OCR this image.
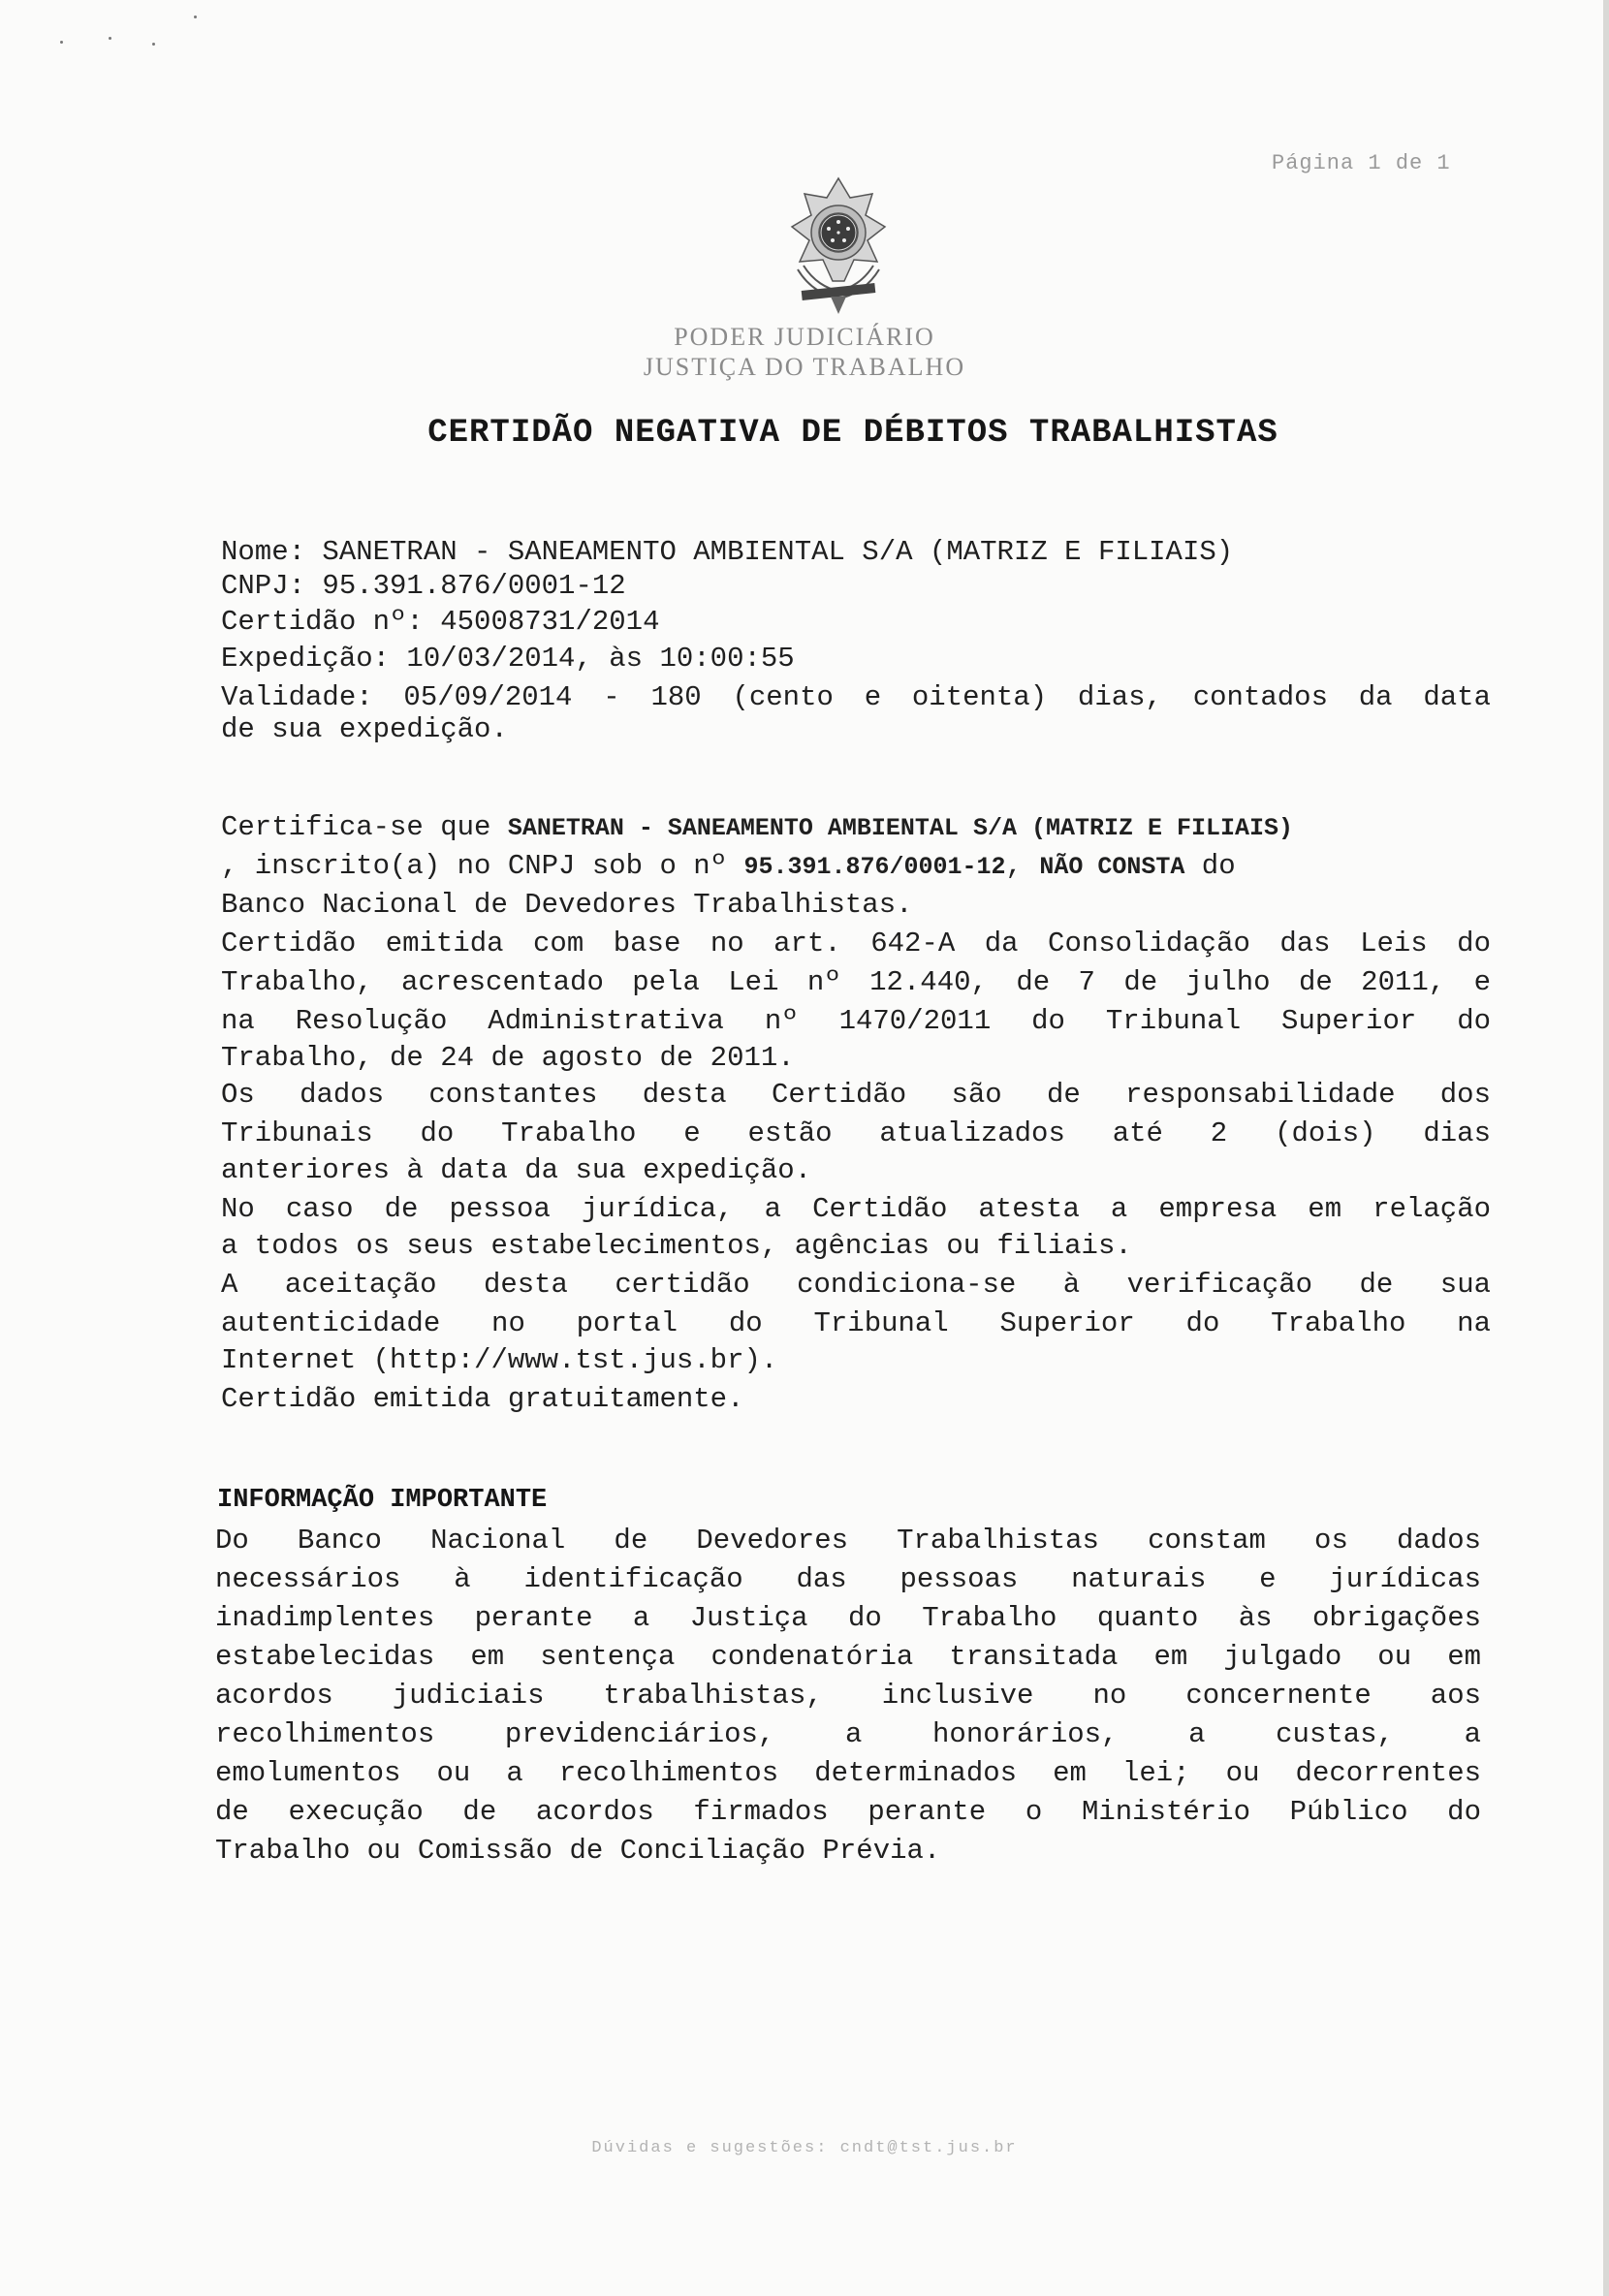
Página 1 de 1
PODER JUDICIÁRIO
JUSTIÇA DO TRABALHO
CERTIDÃO NEGATIVA DE DÉBITOS TRABALHISTAS
Nome: SANETRAN - SANEAMENTO AMBIENTAL S/A (MATRIZ E FILIAIS)
CNPJ: 95.391.876/0001-12
Certidão nº: 45008731/2014
Expedição: 10/03/2014, às 10:00:55
Validade: 05/09/2014 - 180 (cento e oitenta) dias, contados da data
de sua expedição.
Certifica-se que SANETRAN - SANEAMENTO AMBIENTAL S/A (MATRIZ E FILIAIS)
, inscrito(a) no CNPJ sob o nº 95.391.876/0001-12, NÃO CONSTA do
Banco Nacional de Devedores Trabalhistas.
Certidão emitida com base no art. 642-A da Consolidação das Leis do
Trabalho, acrescentado pela Lei nº 12.440, de 7 de julho de 2011, e
na Resolução Administrativa nº 1470/2011 do Tribunal Superior do
Trabalho, de 24 de agosto de 2011.
Os dados constantes desta Certidão são de responsabilidade dos
Tribunais do Trabalho e estão atualizados até 2 (dois) dias
anteriores à data da sua expedição.
No caso de pessoa jurídica, a Certidão atesta a empresa em relação
a todos os seus estabelecimentos, agências ou filiais.
A aceitação desta certidão condiciona-se à verificação de sua
autenticidade no portal do Tribunal Superior do Trabalho na
Internet (http://www.tst.jus.br).
Certidão emitida gratuitamente.
INFORMAÇÃO IMPORTANTE
Do Banco Nacional de Devedores Trabalhistas constam os dados
necessários à identificação das pessoas naturais e jurídicas
inadimplentes perante a Justiça do Trabalho quanto às obrigações
estabelecidas em sentença condenatória transitada em julgado ou em
acordos judiciais trabalhistas, inclusive no concernente aos
recolhimentos previdenciários, a honorários, a custas, a
emolumentos ou a recolhimentos determinados em lei; ou decorrentes
de execução de acordos firmados perante o Ministério Público do
Trabalho ou Comissão de Conciliação Prévia.
Dúvidas e sugestões: cndt@tst.jus.br
